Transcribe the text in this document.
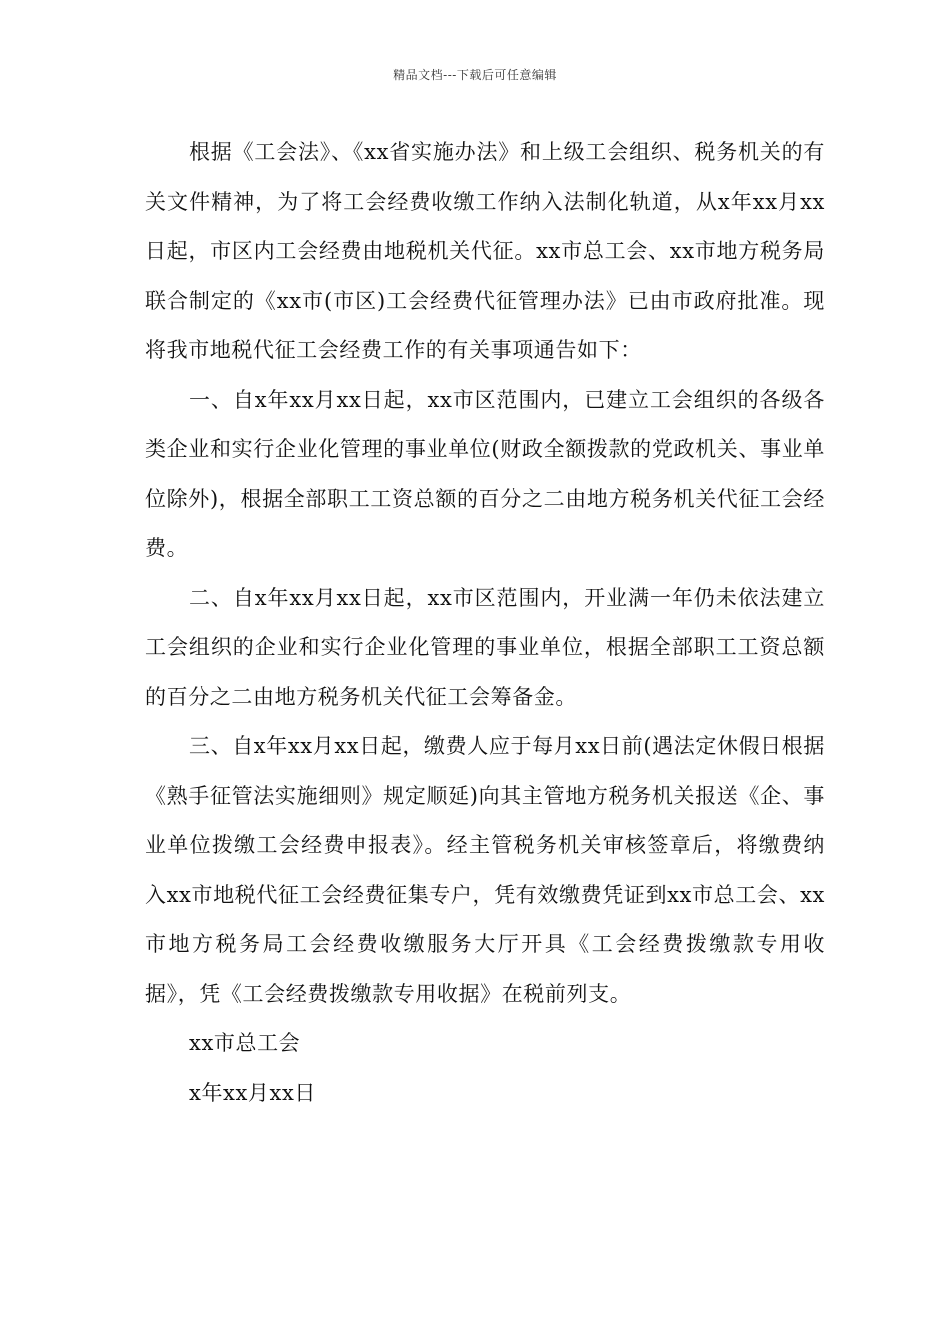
精品文档---下载后可任意编辑

根据《工会法》、《xx省实施办法》和上级工会组织、税务机关的有关文件精神，为了将工会经费收缴工作纳入法制化轨道，从x年xx月xx日起，市区内工会经费由地税机关代征。xx市总工会、xx市地方税务局联合制定的《xx市(市区)工会经费代征管理办法》已由市政府批准。现将我市地税代征工会经费工作的有关事项通告如下：

一、自x年xx月xx日起，xx市区范围内，已建立工会组织的各级各类企业和实行企业化管理的事业单位(财政全额拨款的党政机关、事业单位除外)，根据全部职工工资总额的百分之二由地方税务机关代征工会经费。

二、自x年xx月xx日起，xx市区范围内，开业满一年仍未依法建立工会组织的企业和实行企业化管理的事业单位，根据全部职工工资总额的百分之二由地方税务机关代征工会筹备金。

三、自x年xx月xx日起，缴费人应于每月xx日前(遇法定休假日根据《熟手征管法实施细则》规定顺延)向其主管地方税务机关报送《企、事业单位拨缴工会经费申报表》。经主管税务机关审核签章后，将缴费纳入xx市地税代征工会经费征集专户，凭有效缴费凭证到xx市总工会、xx市地方税务局工会经费收缴服务大厅开具《工会经费拨缴款专用收据》，凭《工会经费拨缴款专用收据》在税前列支。

xx市总工会

x年xx月xx日
